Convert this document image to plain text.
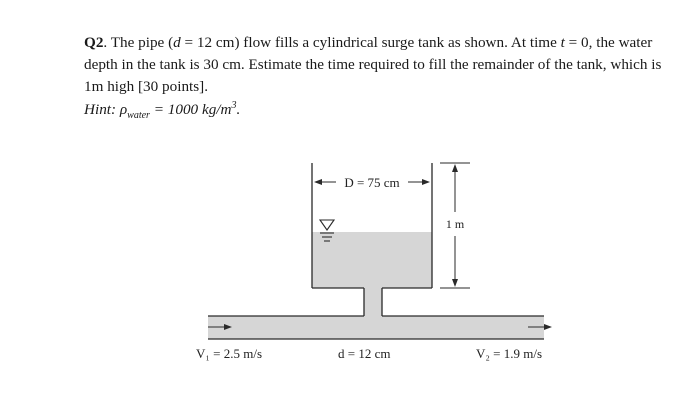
Q2. The pipe (d = 12 cm) flow fills a cylindrical surge tank as shown. At time t = 0, the water depth in the tank is 30 cm. Estimate the time required to fill the remainder of the tank, which is 1m high [30 points].

Hint: $\rho_{water} = 1000$ $kg/m^3$.

D = 75 cm
1 m
V₁ = 2.5 m/s	d = 12 cm	V₂ = 1.9 m/s
